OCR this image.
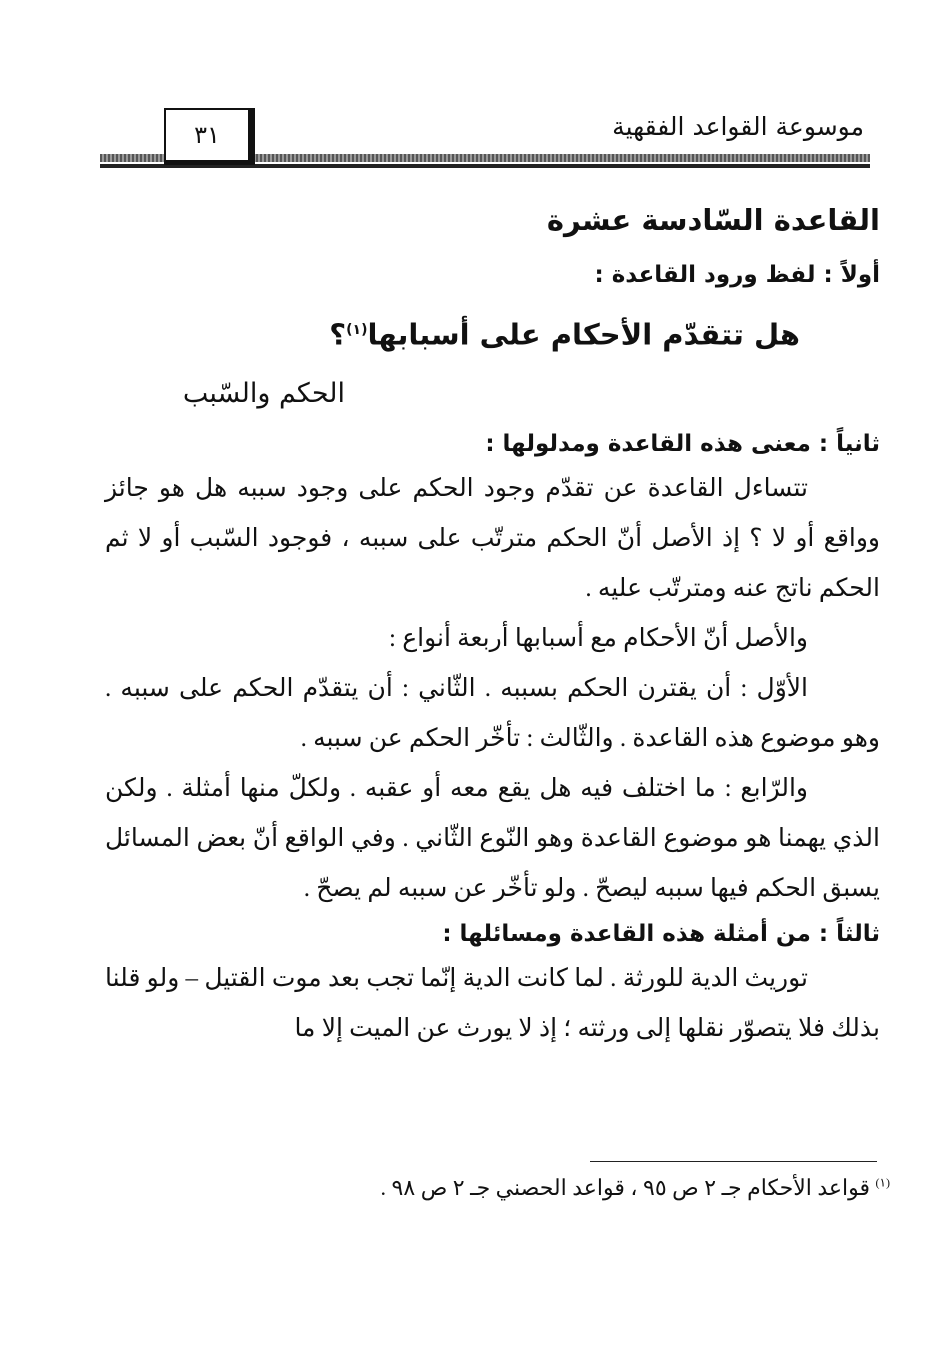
موسوعة القواعد الفقهية
٣١
القاعدة السّادسة عشرة
أولاً : لفظ ورود القاعدة :
هل تتقدّم الأحكام على أسبابها$^{(١)}$؟
الحكم والسّبب
ثانياً : معنى هذه القاعدة ومدلولها :

تتساءل القاعدة عن تقدّم وجود الحكم على وجود سببه هل هو جائز وواقع أو لا ؟ إذ الأصل أنّ الحكم مترتّب على سببه ، فوجود السّبب أو لا ثم الحكم ناتج عنه ومترتّب عليه .

والأصل أنّ الأحكام مع أسبابها أربعة أنواع :

الأوّل : أن يقترن الحكم بسببه . الثّاني : أن يتقدّم الحكم على سببه . وهو موضوع هذه القاعدة . والثّالث : تأخّر الحكم عن سببه .

والرّابع : ما اختلف فيه هل يقع معه أو عقبه . ولكلّ منها أمثلة . ولكن الذي يهمنا هو موضوع القاعدة وهو النّوع الثّاني . وفي الواقع أنّ بعض المسائل يسبق الحكم فيها سببه ليصحّ . ولو تأخّر عن سببه لم يصحّ .

ثالثاً : من أمثلة هذه القاعدة ومسائلها :

توريث الدية للورثة . لما كانت الدية إنّما تجب بعد موت القتيل – ولو قلنا بذلك فلا يتصوّر نقلها إلى ورثته ؛ إذ لا يورث عن الميت إلا ما

$^{(١)}$ قواعد الأحكام جـ ٢ ص ٩٥ ، قواعد الحصني جـ ٢ ص ٩٨ .
